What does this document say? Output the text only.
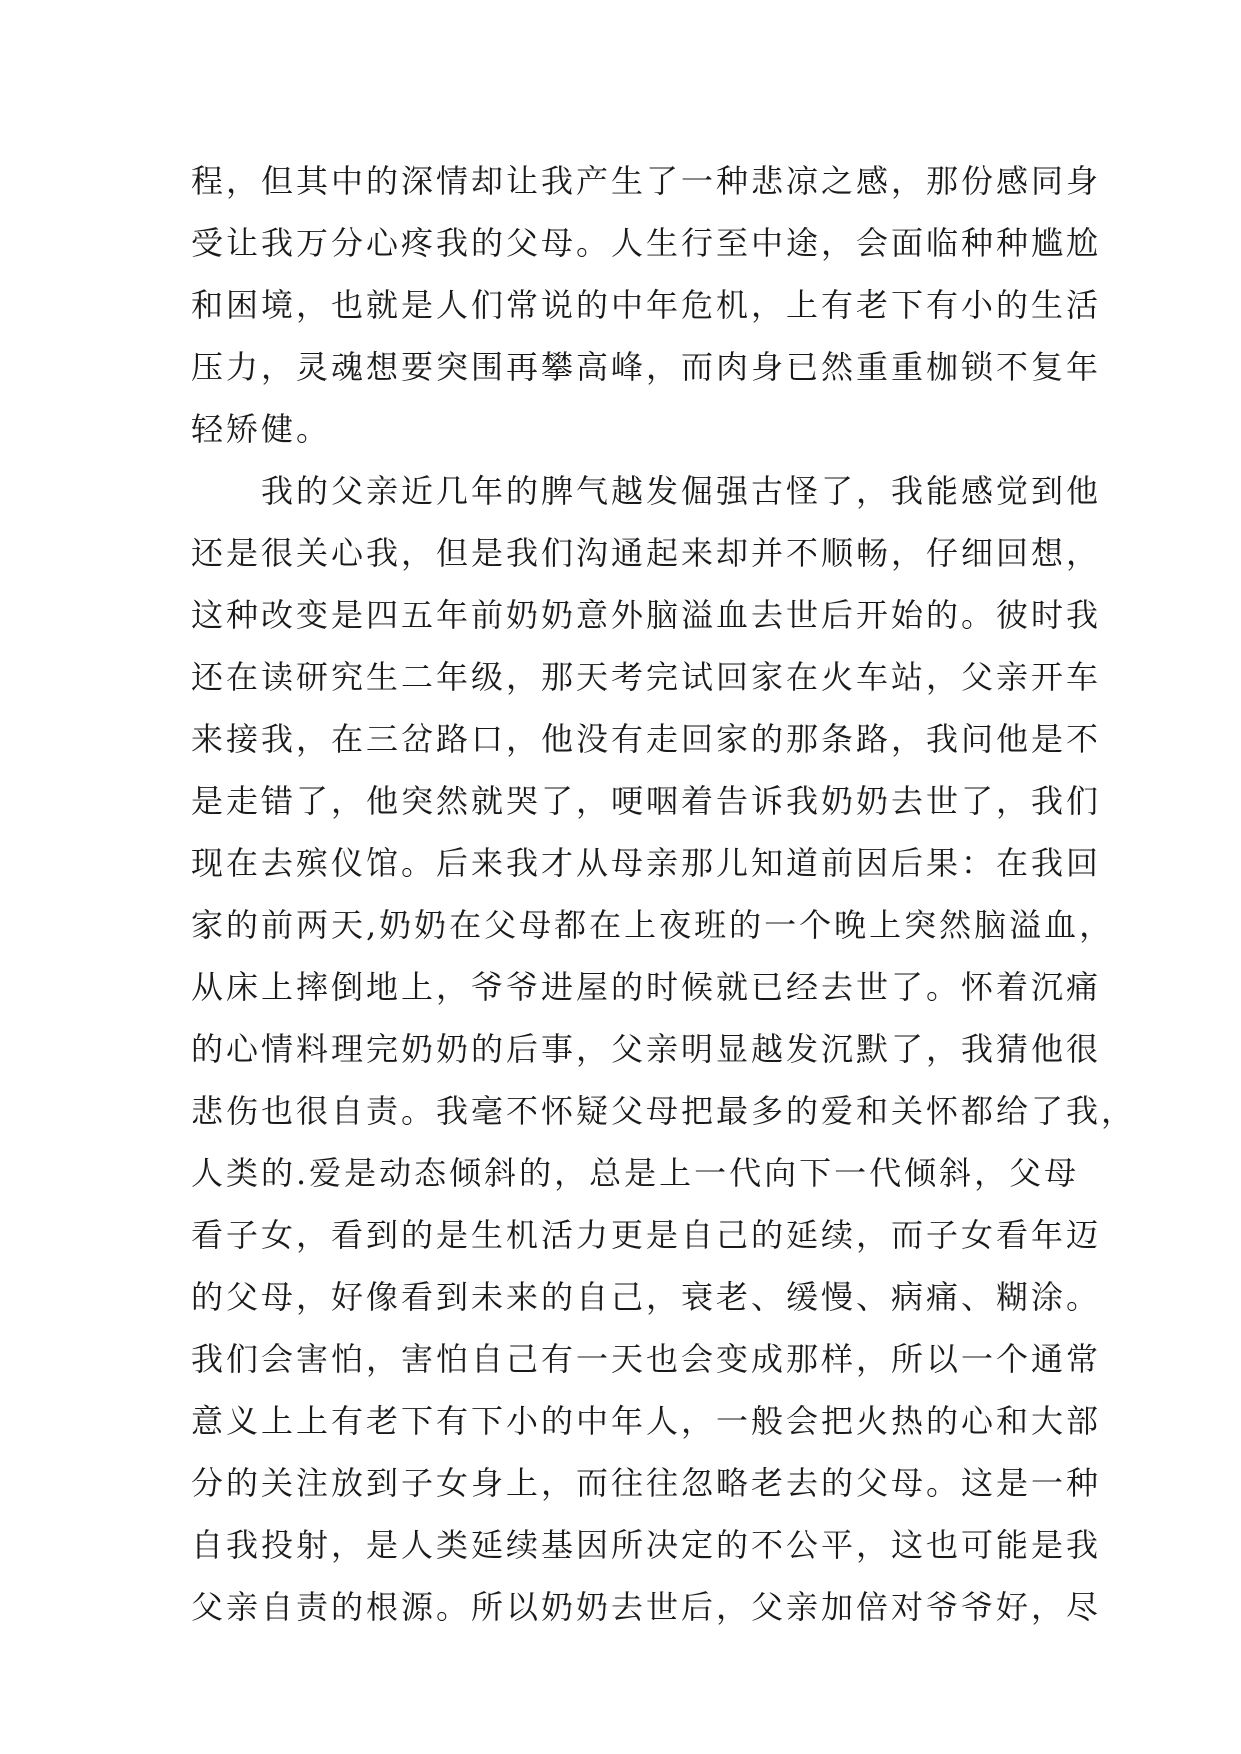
程，但其中的深情却让我产生了一种悲凉之感，那份感同身
受让我万分心疼我的父母。人生行至中途，会面临种种尴尬
和困境，也就是人们常说的中年危机，上有老下有小的生活
压力，灵魂想要突围再攀高峰，而肉身已然重重枷锁不复年
轻矫健。
　　我的父亲近几年的脾气越发倔强古怪了，我能感觉到他
还是很关心我，但是我们沟通起来却并不顺畅，仔细回想，
这种改变是四五年前奶奶意外脑溢血去世后开始的。彼时我
还在读研究生二年级，那天考完试回家在火车站，父亲开车
来接我，在三岔路口，他没有走回家的那条路，我问他是不
是走错了，他突然就哭了，哽咽着告诉我奶奶去世了，我们
现在去殡仪馆。后来我才从母亲那儿知道前因后果：在我回
家的前两天,奶奶在父母都在上夜班的一个晚上突然脑溢血，
从床上摔倒地上，爷爷进屋的时候就已经去世了。怀着沉痛
的心情料理完奶奶的后事，父亲明显越发沉默了，我猜他很
悲伤也很自责。我毫不怀疑父母把最多的爱和关怀都给了我，
人类的.爱是动态倾斜的，总是上一代向下一代倾斜，父母
看子女，看到的是生机活力更是自己的延续，而子女看年迈
的父母，好像看到未来的自己，衰老、缓慢、病痛、糊涂。
我们会害怕，害怕自己有一天也会变成那样，所以一个通常
意义上上有老下有下小的中年人，一般会把火热的心和大部
分的关注放到子女身上，而往往忽略老去的父母。这是一种
自我投射，是人类延续基因所决定的不公平，这也可能是我
父亲自责的根源。所以奶奶去世后，父亲加倍对爷爷好，尽
